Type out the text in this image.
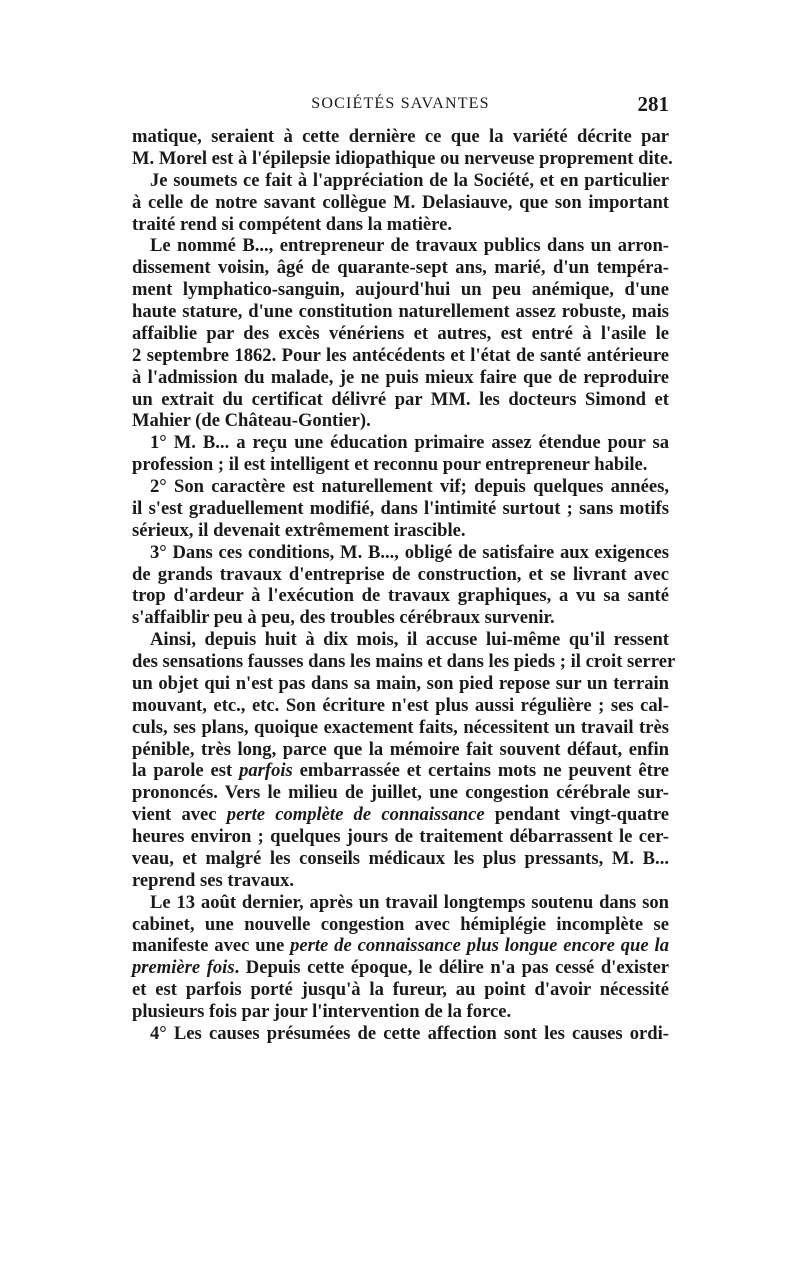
SOCIÉTÉS SAVANTES	281
matique, seraient à cette dernière ce que la variété décrite par
M. Morel est à l'épilepsie idiopathique ou nerveuse proprement dite.
Je soumets ce fait à l'appréciation de la Société, et en particulier
à celle de notre savant collègue M. Delasiauve, que son important
traité rend si compétent dans la matière.
Le nommé B..., entrepreneur de travaux publics dans un arron-
dissement voisin, âgé de quarante-sept ans, marié, d'un tempéra-
ment lymphatico-sanguin, aujourd'hui un peu anémique, d'une
haute stature, d'une constitution naturellement assez robuste, mais
affaiblie par des excès vénériens et autres, est entré à l'asile le
2 septembre 1862. Pour les antécédents et l'état de santé antérieure
à l'admission du malade, je ne puis mieux faire que de reproduire
un extrait du certificat délivré par MM. les docteurs Simond et
Mahier (de Château-Gontier).
1° M. B... a reçu une éducation primaire assez étendue pour sa
profession ; il est intelligent et reconnu pour entrepreneur habile.
2° Son caractère est naturellement vif; depuis quelques années,
il s'est graduellement modifié, dans l'intimité surtout ; sans motifs
sérieux, il devenait extrêmement irascible.
3° Dans ces conditions, M. B..., obligé de satisfaire aux exigences
de grands travaux d'entreprise de construction, et se livrant avec
trop d'ardeur à l'exécution de travaux graphiques, a vu sa santé
s'affaiblir peu à peu, des troubles cérébraux survenir.
Ainsi, depuis huit à dix mois, il accuse lui-même qu'il ressent
des sensations fausses dans les mains et dans les pieds ; il croit serrer
un objet qui n'est pas dans sa main, son pied repose sur un terrain
mouvant, etc., etc. Son écriture n'est plus aussi régulière ; ses cal-
culs, ses plans, quoique exactement faits, nécessitent un travail très
pénible, très long, parce que la mémoire fait souvent défaut, enfin
la parole est parfois embarrassée et certains mots ne peuvent être
prononcés. Vers le milieu de juillet, une congestion cérébrale sur-
vient avec perte complète de connaissance pendant vingt-quatre
heures environ ; quelques jours de traitement débarrassent le cer-
veau, et malgré les conseils médicaux les plus pressants, M. B...
reprend ses travaux.
Le 13 août dernier, après un travail longtemps soutenu dans son
cabinet, une nouvelle congestion avec hémiplégie incomplète se
manifeste avec une perte de connaissance plus longue encore que la
première fois. Depuis cette époque, le délire n'a pas cessé d'exister
et est parfois porté jusqu'à la fureur, au point d'avoir nécessité
plusieurs fois par jour l'intervention de la force.
4° Les causes présumées de cette affection sont les causes ordi-
